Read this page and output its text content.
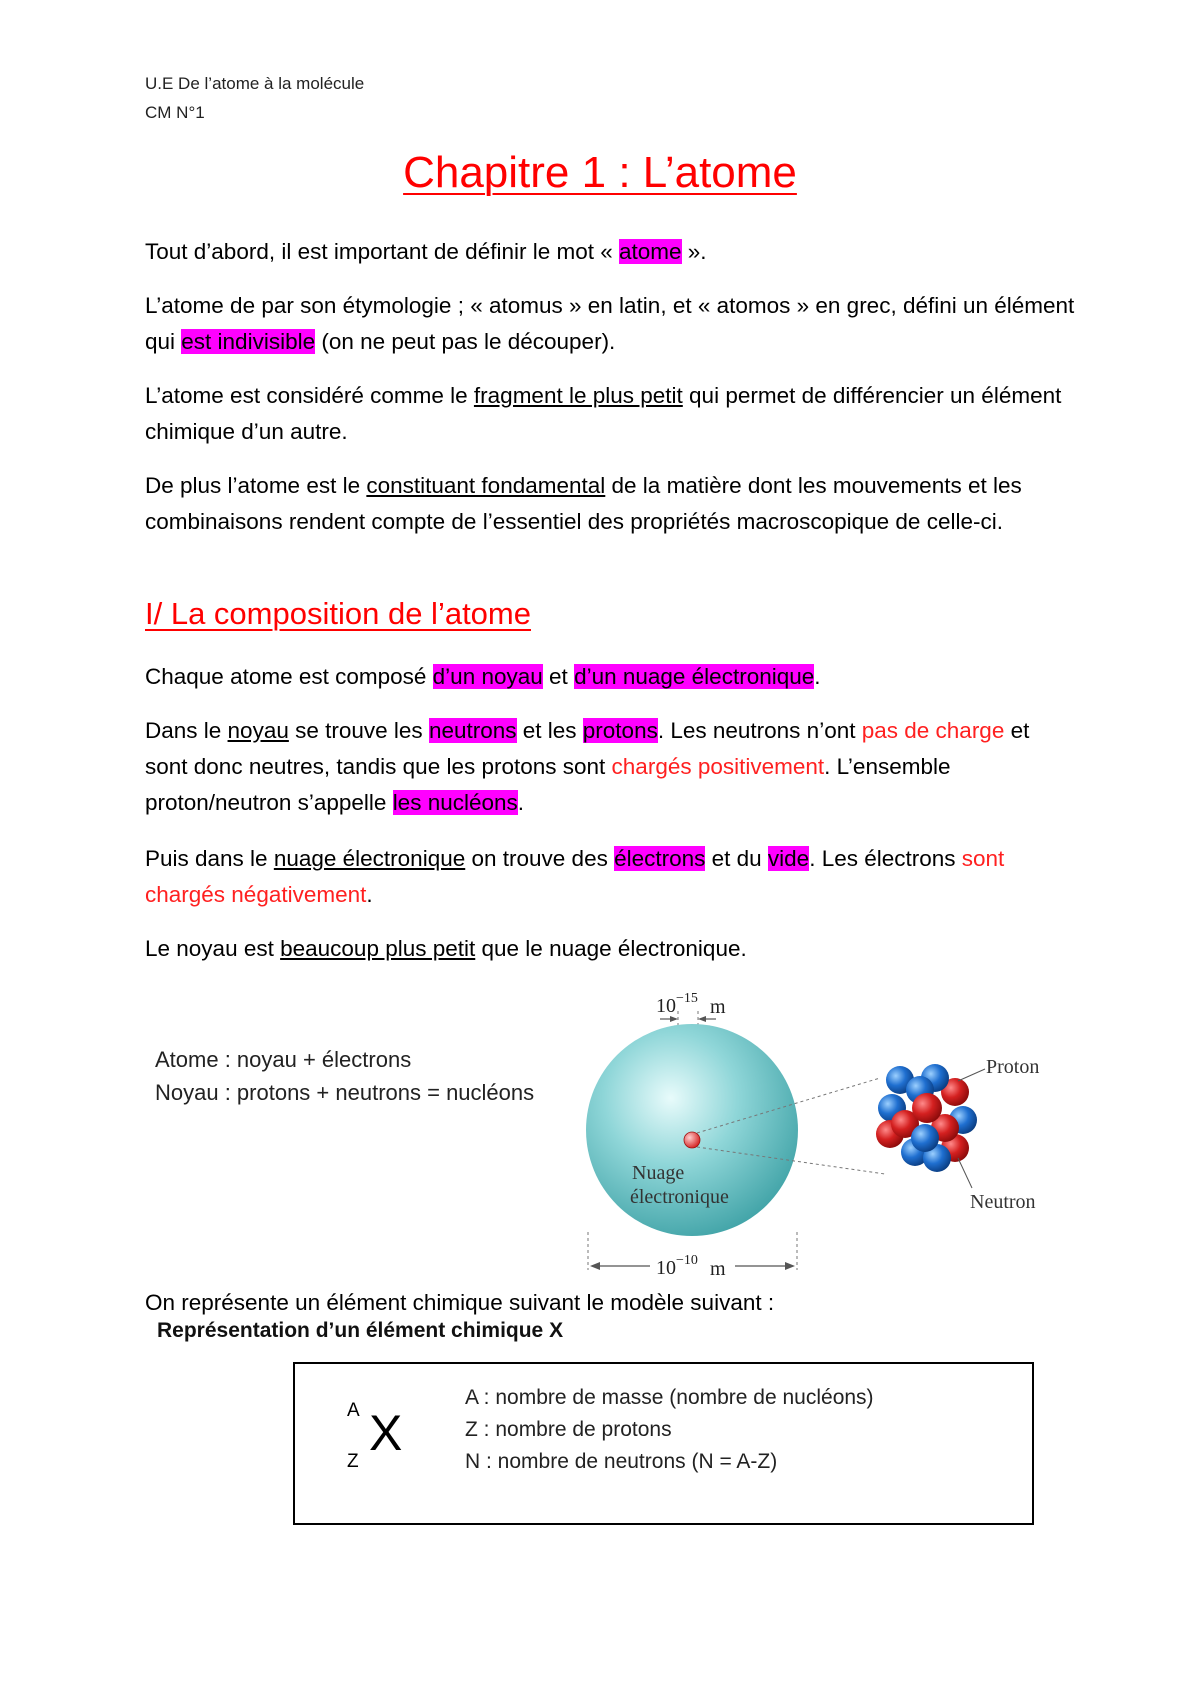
U.E De l’atome à la molécule
CM N°1
Chapitre 1 : L’atome
Tout d’abord, il est important de définir le mot « atome ».
L’atome de par son étymologie ; « atomus » en latin, et « atomos » en grec, défini un élément qui est indivisible (on ne peut pas le découper).
L’atome est considéré comme le fragment le plus petit qui permet de différencier un élément chimique d’un autre.
De plus l’atome est le constituant fondamental de la matière dont les mouvements et les combinaisons rendent compte de l’essentiel des propriétés macroscopique de celle-ci.
I/ La composition de l’atome
Chaque atome est composé d’un noyau et d’un nuage électronique.
Dans le noyau se trouve les neutrons et les protons. Les neutrons n’ont pas de charge et sont donc neutres, tandis que les protons sont chargés positivement. L’ensemble proton/neutron s’appelle les nucléons.
Puis dans le nuage électronique on trouve des électrons et du vide. Les électrons sont chargés négativement.
Le noyau est beaucoup plus petit que le nuage électronique.
Atome : noyau + électrons
Noyau : protons + neutrons = nucléons
$10^{-15}$ m
Nuage
électronique
$10^{-10}$ m
Proton
Neutron
On représente un élément chimique suivant le modèle suivant :
Représentation d’un élément chimique X
A
Z
X
A : nombre de masse (nombre de nucléons)
Z : nombre de protons
N : nombre de neutrons (N = A-Z)
